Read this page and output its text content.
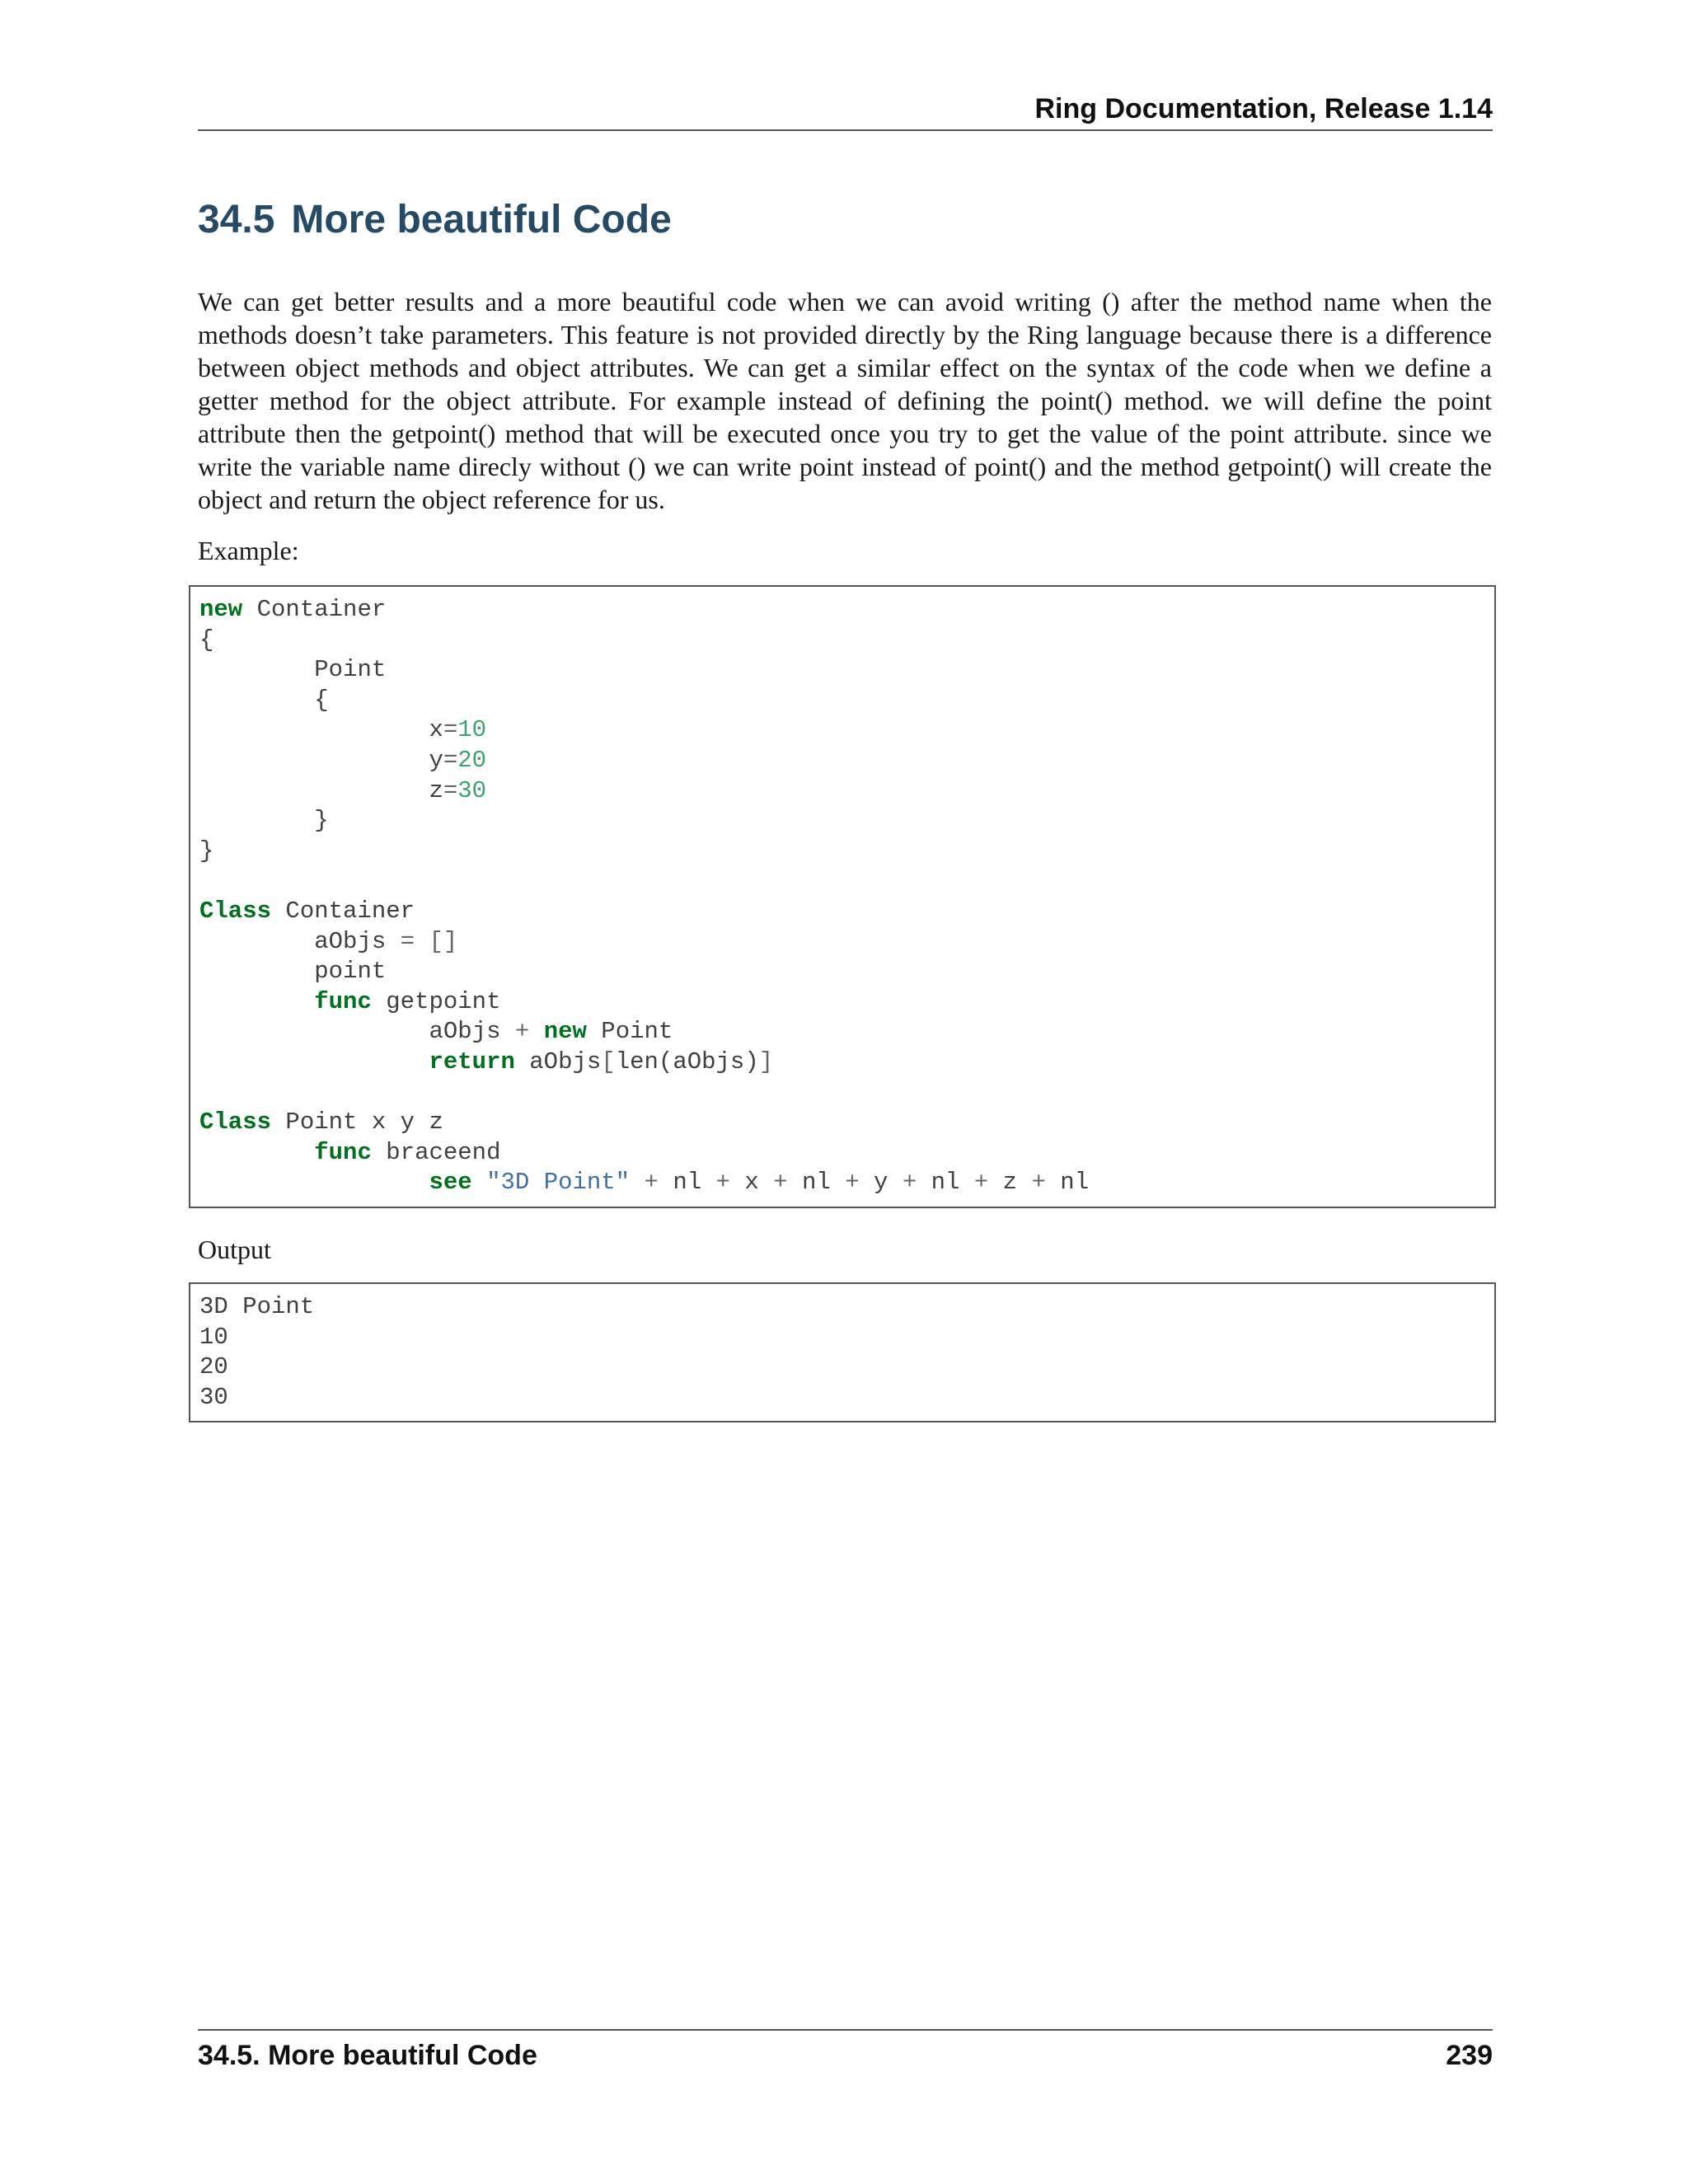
Ring Documentation, Release 1.14
34.5 More beautiful Code

We can get better results and a more beautiful code when we can avoid writing () after the method name when the methods doesn’t take parameters. This feature is not provided directly by the Ring language because there is a difference between object methods and object attributes. We can get a similar effect on the syntax of the code when we define a getter method for the object attribute. For example instead of defining the point() method. we will define the point attribute then the getpoint() method that will be executed once you try to get the value of the point attribute. since we write the variable name direcly without () we can write point instead of point() and the method getpoint() will create the object and return the object reference for us.

Example:

new Container
{
	Point
	{
		x=10
		y=20
		z=30
	}
}
Class Container
	aObjs = []
	point
	func getpoint
		aObjs + new Point
		return aObjs[len(aObjs)]
Class Point x y z
	func braceend
		see "3D Point" + nl + x + nl + y + nl + z + nl

Output

3D Point
10
20
30
34.5. More beautiful Code	239
